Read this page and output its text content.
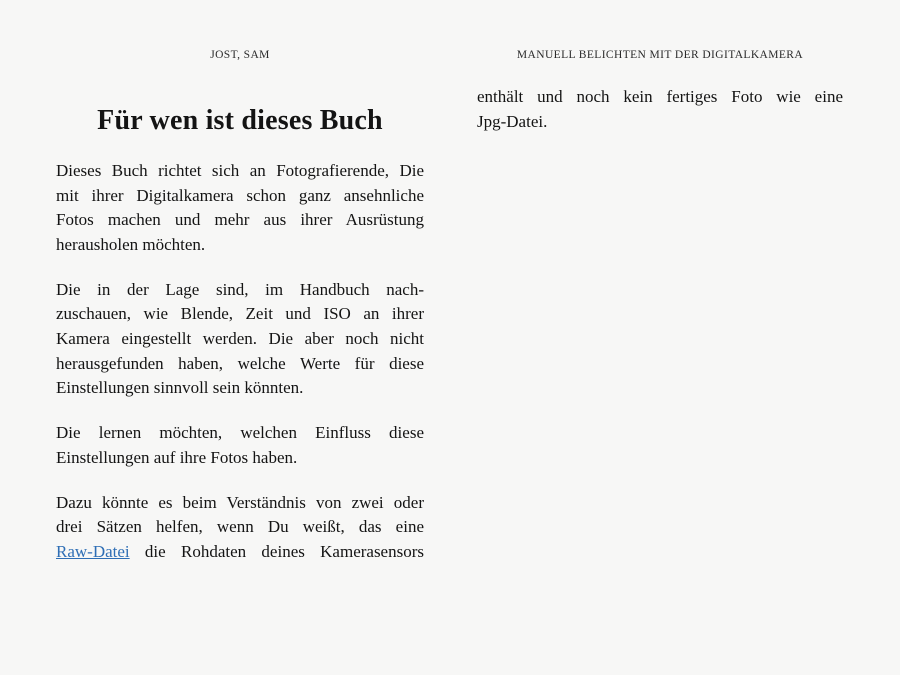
JOST, SAM
Für wen ist dieses Buch
Dieses Buch richtet sich an Fotografierende, Die
mit ihrer Digitalkamera schon ganz ansehnliche
Fotos machen und mehr aus ihrer Ausrüstung
herausholen möchten.
Die in der Lage sind, im Handbuch nach-
zuschauen, wie Blende, Zeit und ISO an ihrer
Kamera eingestellt werden. Die aber noch nicht
herausgefunden haben, welche Werte für diese
Einstellungen sinnvoll sein könnten.
Die lernen möchten, welchen Einfluss diese
Einstellungen auf ihre Fotos haben.
Dazu könnte es beim Verständnis von zwei oder
drei Sätzen helfen, wenn Du weißt, das eine
Raw-Datei die Rohdaten deines Kamerasensors
MANUELL BELICHTEN MIT DER DIGITALKAMERA
enthält und noch kein fertiges Foto wie eine
Jpg-Datei.
